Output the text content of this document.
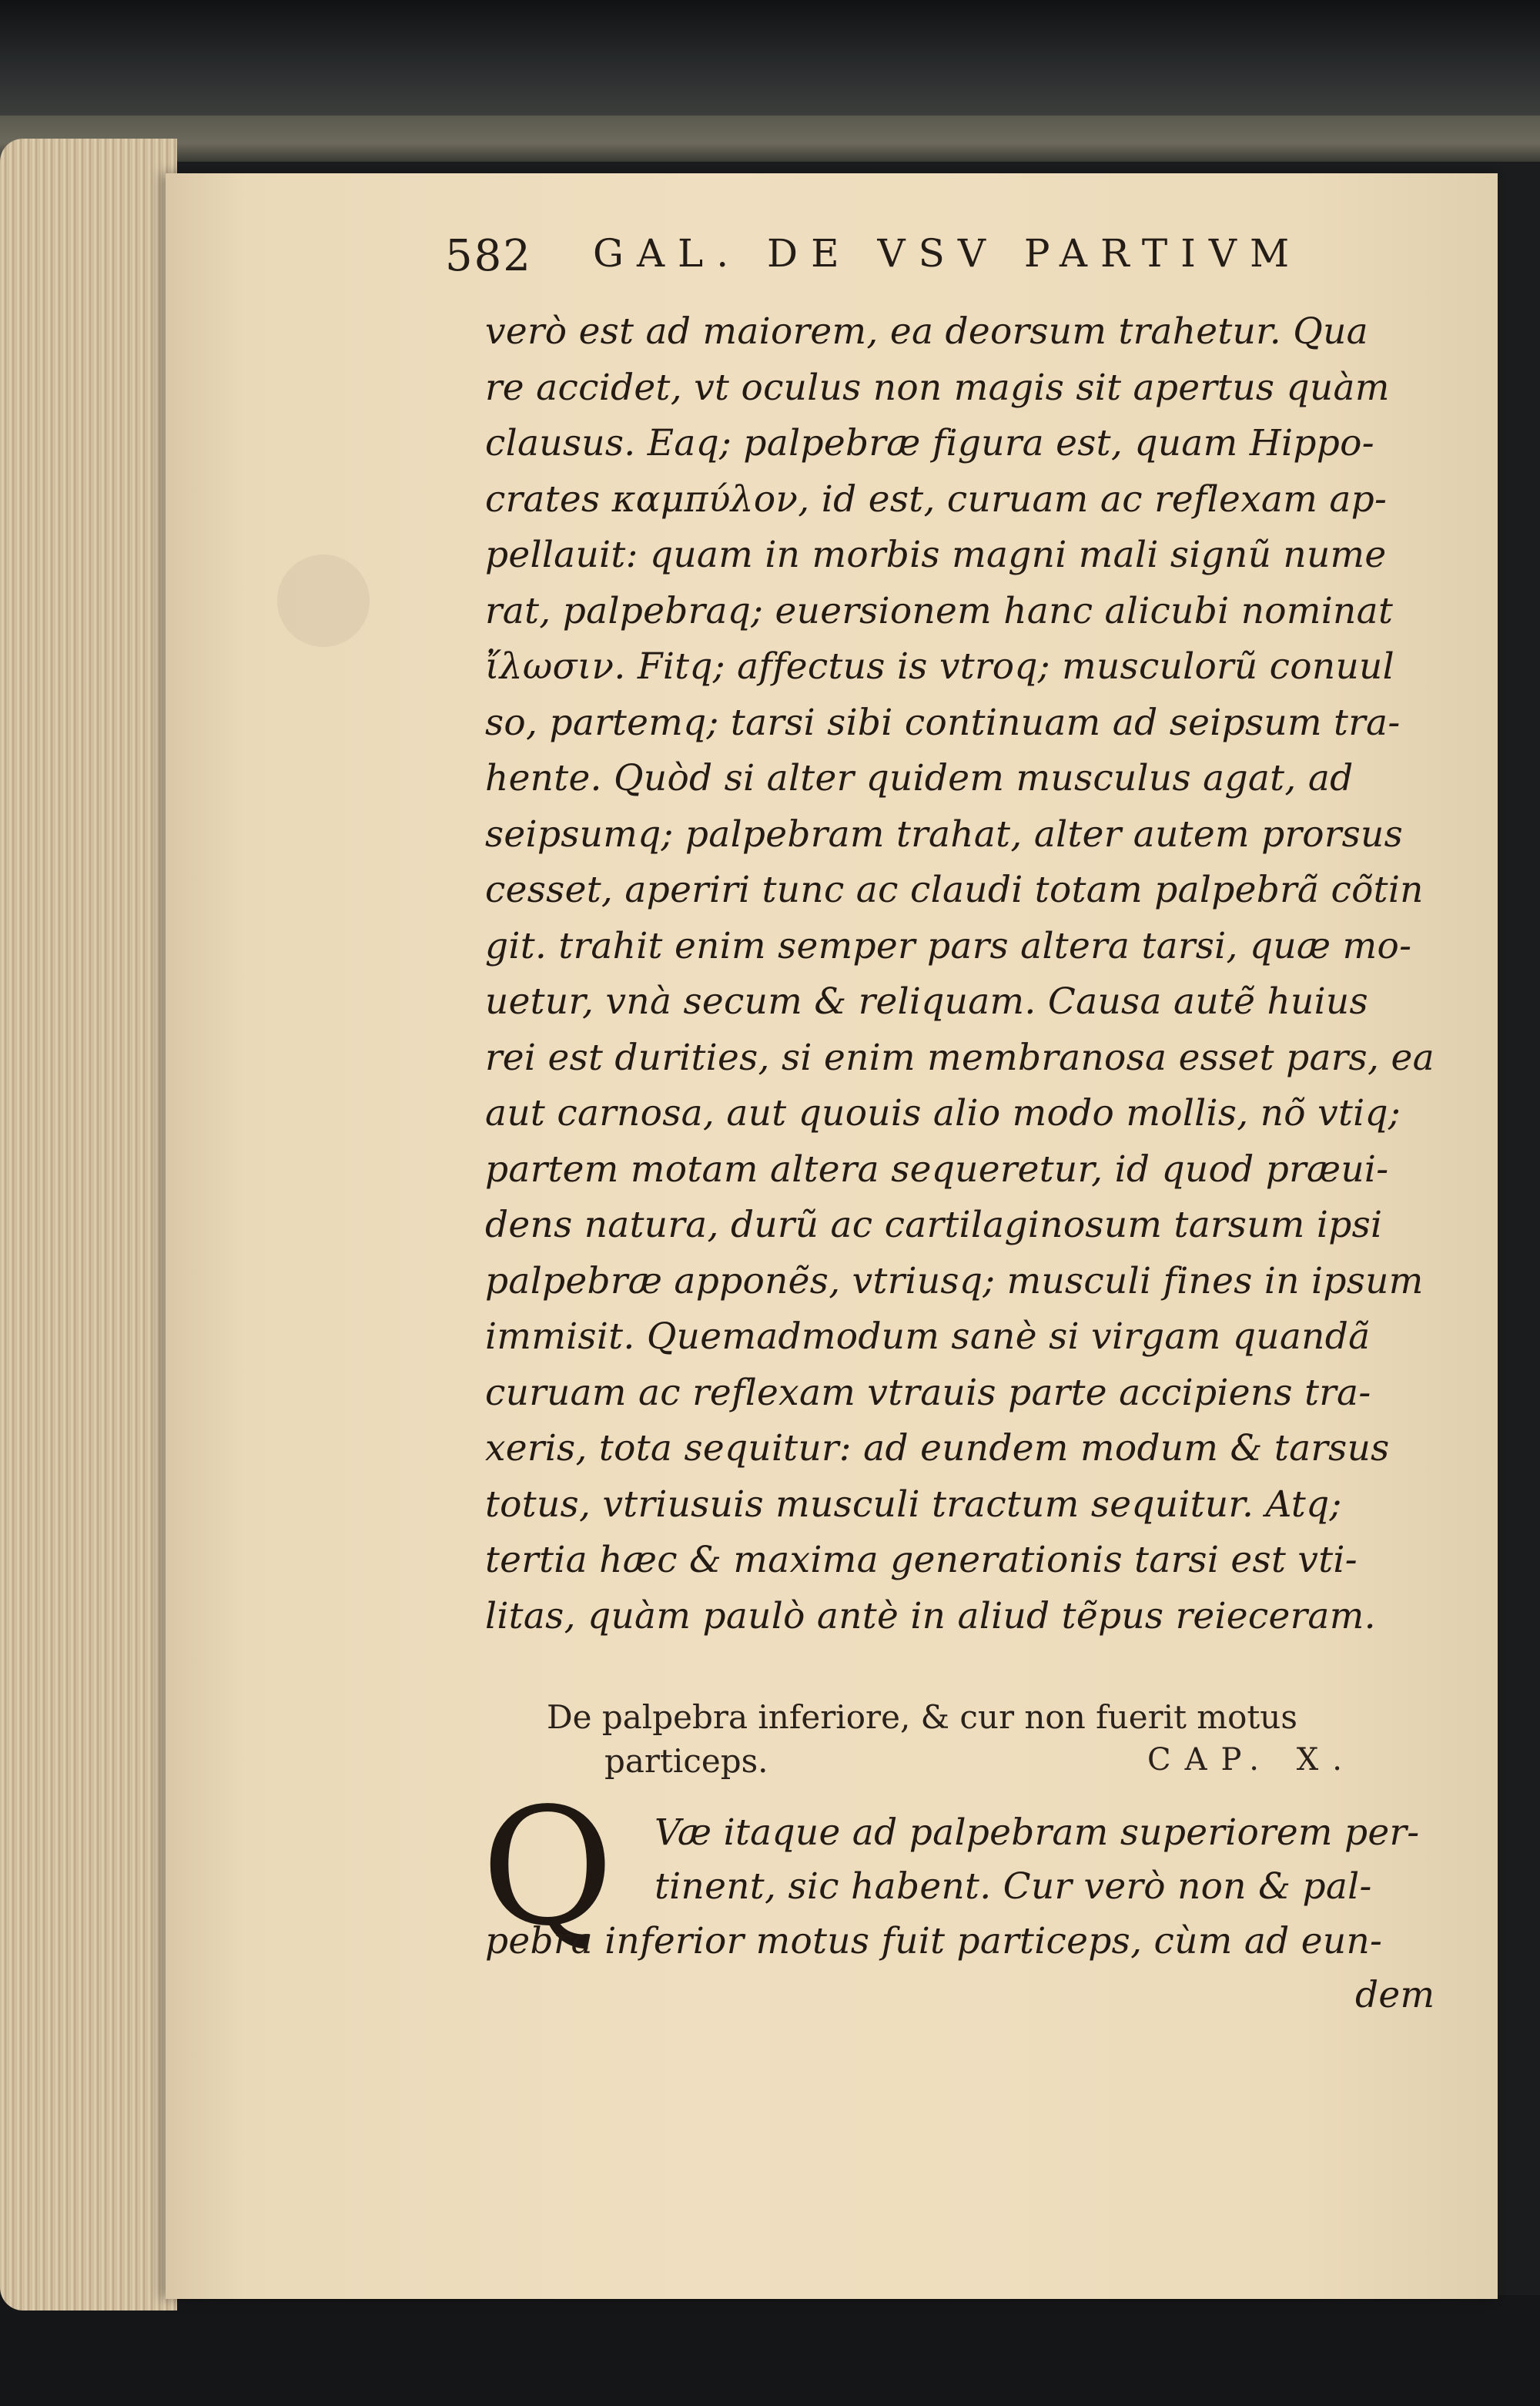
582 GAL. DE VSV PARTIVM
verò est ad maiorem, ea deorsum trahetur. Qua
re accidet, vt oculus non magis sit apertus quàm
clausus. Eaq; palpebræ figura est, quam Hippo-
crates καμπύλον, id est, curuam ac reflexam ap-
pellauit: quam in morbis magni mali signũ nume
rat, palpebraq; euersionem hanc alicubi nominat
ἴλωσιν. Fitq; affectus is vtroq; musculorũ conuul
so, partemq; tarsi sibi continuam ad seipsum tra-
hente. Quòd si alter quidem musculus agat, ad
seipsumq; palpebram trahat, alter autem prorsus
cesset, aperiri tunc ac claudi totam palpebrã cõtin
git. trahit enim semper pars altera tarsi, quæ mo-
uetur, vnà secum & reliquam. Causa autẽ huius
rei est durities, si enim membranosa esset pars, ea
aut carnosa, aut quouis alio modo mollis, nõ vtiq;
partem motam altera sequeretur, id quod præui-
dens natura, durũ ac cartilaginosum tarsum ipsi
palpebræ apponẽs, vtriusq; musculi fines in ipsum
immisit. Quemadmodum sanè si virgam quandã
curuam ac reflexam vtrauis parte accipiens tra-
xeris, tota sequitur: ad eundem modum & tarsus
totus, vtriusuis musculi tractum sequitur. Atq;
tertia hæc & maxima generationis tarsi est vti-
litas, quàm paulò antè in aliud tẽpus reieceram.
De palpebra inferiore, & cur non fuerit motus
particeps.	CAP. X.
Q Væ itaque ad palpebram superiorem per-
tinent, sic habent. Cur verò non & pal-
pebra inferior motus fuit particeps, cùm ad eun-
dem
